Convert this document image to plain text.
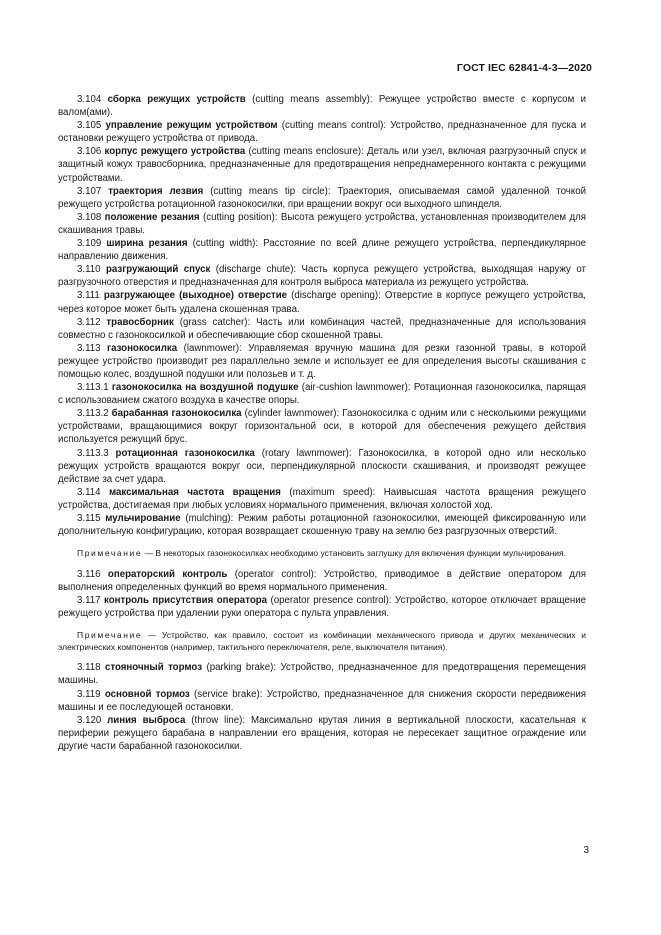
ГОСТ IEC 62841-4-3—2020

3.104 сборка режущих устройств (cutting means assembly): Режущее устройство вместе с корпусом и валом(ами).

3.105 управление режущим устройством (cutting means control): Устройство, предназначенное для пуска и остановки режущего устройства от привода.

3.106 корпус режущего устройства (cutting means enclosure): Деталь или узел, включая разгрузочный спуск и защитный кожух травосборника, предназначенные для предотвращения непреднамеренного контакта с режущими устройствами.

3.107 траектория лезвия (cutting means tip circle): Траектория, описываемая самой удаленной точкой режущего устройства ротационной газонокосилки, при вращении вокруг оси выходного шпинделя.

3.108 положение резания (cutting position): Высота режущего устройства, установленная производителем для скашивания травы.

3.109 ширина резания (cutting width): Расстояние по всей длине режущего устройства, перпендикулярное направлению движения.

3.110 разгружающий спуск (discharge chute): Часть корпуса режущего устройства, выходящая наружу от разгрузочного отверстия и предназначенная для контроля выброса материала из режущего устройства.

3.111 разгружающее (выходное) отверстие (discharge opening): Отверстие в корпусе режущего устройства, через которое может быть удалена скошенная трава.

3.112 травосборник (grass catcher): Часть или комбинация частей, предназначенные для использования совместно с газонокосилкой и обеспечивающие сбор скошенной травы.

3.113 газонокосилка (lawnmower): Управляемая вручную машина для резки газонной травы, в которой режущее устройство производит рез параллельно земле и использует ее для определения высоты скашивания с помощью колес, воздушной подушки или полозьев и т. д.

3.113.1 газонокосилка на воздушной подушке (air-cushion lawnmower): Ротационная газонокосилка, парящая с использованием сжатого воздуха в качестве опоры.

3.113.2 барабанная газонокосилка (cylinder lawnmower): Газонокосилка с одним или с несколькими режущими устройствами, вращающимися вокруг горизонтальной оси, в которой для обеспечения режущего действия используется режущий брус.

3.113.3 ротационная газонокосилка (rotary lawnmower): Газонокосилка, в которой одно или несколько режущих устройств вращаются вокруг оси, перпендикулярной плоскости скашивания, и производят режущее действие за счет удара.

3.114 максимальная частота вращения (maximum speed): Наивысшая частота вращения режущего устройства, достигаемая при любых условиях нормального применения, включая холостой ход.

3.115 мульчирование (mulching): Режим работы ротационной газонокосилки, имеющей фиксированную или дополнительную конфигурацию, которая возвращает скошенную траву на землю без разгрузочных отверстий.

Примечание — В некоторых газонокосилках необходимо установить заглушку для включения функции мульчирования.

3.116 операторский контроль (operator control): Устройство, приводимое в действие оператором для выполнения определенных функций во время нормального применения.

3.117 контроль присутствия оператора (operator presence control): Устройство, которое отключает вращение режущего устройства при удалении руки оператора с пульта управления.

Примечание — Устройство, как правило, состоит из комбинации механического привода и других механических и электрических компонентов (например, тактильного переключателя, реле, выключателя питания).

3.118 стояночный тормоз (parking brake): Устройство, предназначенное для предотвращения перемещения машины.

3.119 основной тормоз (service brake): Устройство, предназначенное для снижения скорости передвижения машины и ее последующей остановки.

3.120 линия выброса (throw line): Максимально крутая линия в вертикальной плоскости, касательная к периферии режущего барабана в направлении его вращения, которая не пересекает защитное ограждение или другие части барабанной газонокосилки.

3
